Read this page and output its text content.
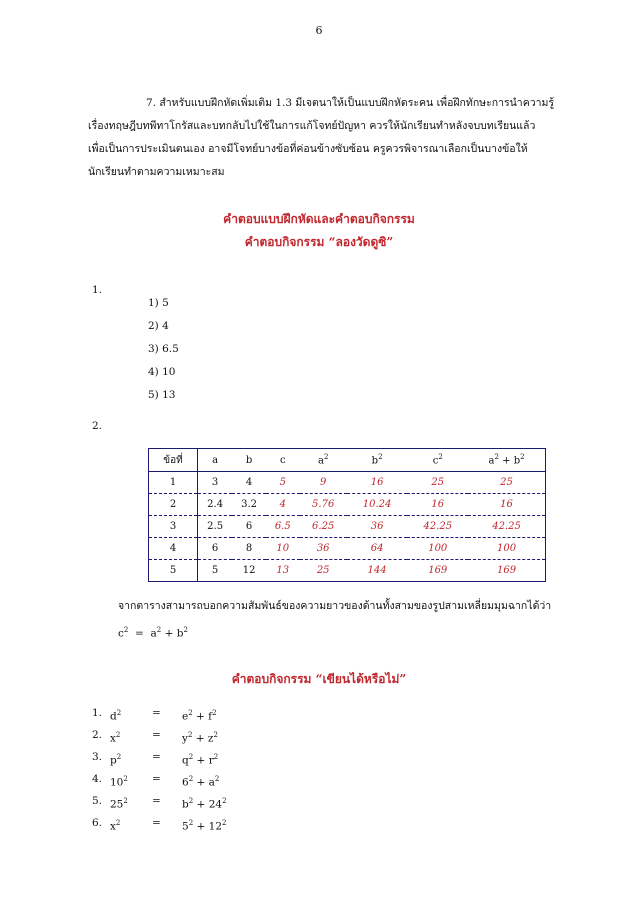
6
7. สำหรับแบบฝึกหัดเพิ่มเติม 1.3 มีเจตนาให้เป็นแบบฝึกหัดระคน เพื่อฝึกทักษะการนำความรู้
เรื่องทฤษฎีบทพีทาโกรัสและบทกลับไปใช้ในการแก้โจทย์ปัญหา ควรให้นักเรียนทำหลังจบบทเรียนแล้ว
เพื่อเป็นการประเมินตนเอง อาจมีโจทย์บางข้อที่ค่อนข้างซับซ้อน ครูควรพิจารณาเลือกเป็นบางข้อให้
นักเรียนทำตามความเหมาะสม
คำตอบแบบฝึกหัดและคำตอบกิจกรรม
คำตอบกิจกรรม “ลองวัดดูซิ”
1.
1) 5
2) 4
3) 6.5
4) 10
5) 13
2.
ข้อที่	a	b	c	$a^2$	$b^2$	$c^2$	$a^2 + b^2$
1	3	4	5	9	16	25	25
2	2.4	3.2	4	5.76	10.24	16	16
3	2.5	6	6.5	6.25	36	42.25	42.25
4	6	8	10	36	64	100	100
5	5	12	13	25	144	169	169
จากตารางสามารถบอกความสัมพันธ์ของความยาวของด้านทั้งสามของรูปสามเหลี่ยมมุมฉากได้ว่า
$c^2 = a^2 + b^2$
คำตอบกิจกรรม “เขียนได้หรือไม่”
1. $d^2$	=	$e^2 + f^2$
2. $x^2$	=	$y^2 + z^2$
3. $p^2$	=	$q^2 + r^2$
4. $10^2$	=	$6^2 + a^2$
5. $25^2$	=	$b^2 + 24^2$
6. $x^2$	=	$5^2 + 12^2$
